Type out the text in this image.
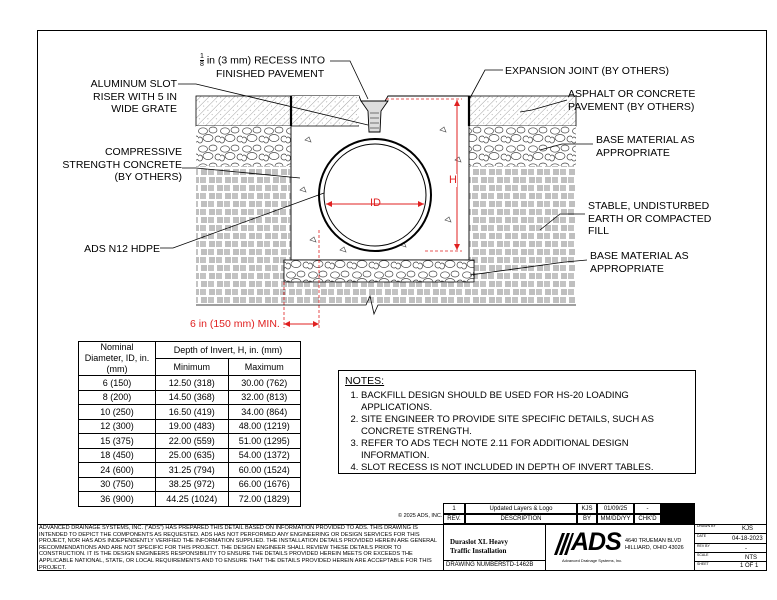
$\frac{1}{8}$ in (3 mm) RECESS INTO
FINISHED PAVEMENT	EXPANSION JOINT (BY OTHERS)
ASPHALT OR CONCRETE PAVEMENT (BY OTHERS)
BASE MATERIAL AS APPROPRIATE
ALUMINUM SLOT RISER WITH 5 IN WIDE GRATE
COMPRESSIVE STRENGTH CONCRETE (BY OTHERS)
STABLE, UNDISTURBED EARTH OR COMPACTED FILL
ADS N12 HDPE
BASE MATERIAL AS APPROPRIATE
ID
H
6 in (150 mm) MIN.
Nominal Diameter, ID, in. (mm)	Depth of Invert, H, in. (mm)	
	Minimum	Maximum
6 (150)	12.50 (318)	30.00 (762)
8 (200)	14.50 (368)	32.00 (813)
10 (250)	16.50 (419)	34.00 (864)
12 (300)	19.00 (483)	48.00 (1219)
15 (375)	22.00 (559)	51.00 (1295)
18 (450)	25.00 (635)	54.00 (1372)
24 (600)	31.25 (794)	60.00 (1524)
30 (750)	38.25 (972)	66.00 (1676)
36 (900)	44.25 (1024)	72.00 (1829)
NOTES:
1. BACKFILL DESIGN SHOULD BE USED FOR HS-20 LOADING APPLICATIONS.
2. SITE ENGINEER TO PROVIDE SITE SPECIFIC DETAILS, SUCH AS CONCRETE STRENGTH.
3. REFER TO ADS TECH NOTE 2.11 FOR ADDITIONAL DESIGN INFORMATION.
4. SLOT RECESS IS NOT INCLUDED IN DEPTH OF INVERT TABLES.
© 2025 ADS, INC.
1	Updated Layers & Logo	KJS	01/09/25	-
REV.	DESCRIPTION	BY	MM/DD/YY	CHK'D
ADVANCED DRAINAGE SYSTEMS, INC. ("ADS") HAS PREPARED THIS DETAIL BASED ON INFORMATION PROVIDED TO ADS. THIS DRAWING IS INTENDED TO DEPICT THE COMPONENTS AS REQUESTED. ADS HAS NOT PERFORMED ANY ENGINEERING OR DESIGN SERVICES FOR THIS PROJECT, NOR HAS ADS INDEPENDENTLY VERIFIED THE INFORMATION SUPPLIED. THE INSTALLATION DETAILS PROVIDED HEREIN ARE GENERAL RECOMMENDATIONS AND ARE NOT SPECIFIC FOR THIS PROJECT. THE DESIGN ENGINEER SHALL REVIEW THESE DETAILS PRIOR TO CONSTRUCTION. IT IS THE DESIGN ENGINEERS RESPONSIBILITY TO ENSURE THE DETAILS PROVIDED HEREIN MEETS OR EXCEEDS THE APPLICABLE NATIONAL, STATE, OR LOCAL REQUIREMENTS AND TO ENSURE THAT THE DETAILS PROVIDED HEREIN ARE ACCEPTABLE FOR THIS PROJECT.
Duraslot XL Heavy
Traffic Installation
DRAWING NUMBER:
STD-1462B
ADS
Advanced Drainage Systems, Inc.
4640 TRUEMAN BLVD
HILLIARD, OHIO 43026
DRAWN BY	KJS
DATE	04-18-2023
REV BY	-
SCALE	NTS
SHEET	1 OF 1
